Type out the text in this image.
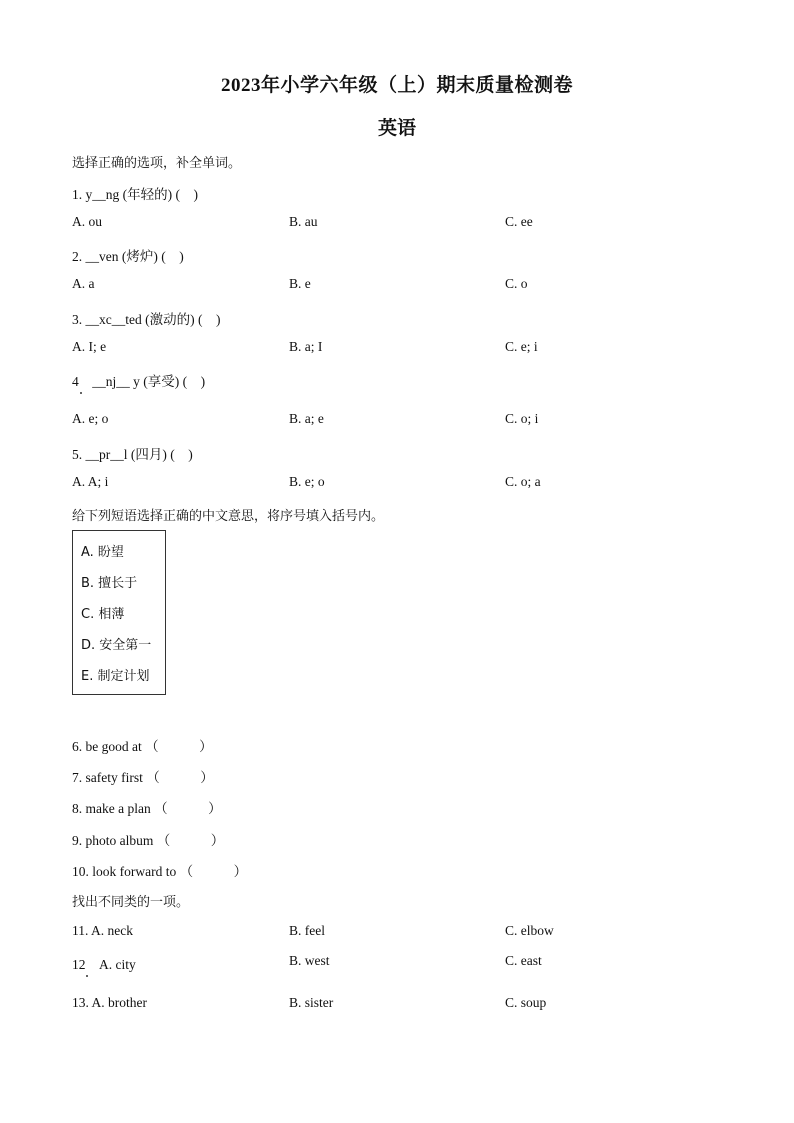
2023年小学六年级（上）期末质量检测卷
英语
选择正确的选项，补全单词。
1. y__ng (年轻的) (　)
A. ou	B. au	C. ee
2. __ven (烤炉) (　)
A. a	B. e	C. o
3. __xc__ted (激动的) (　)
A. I; e	B. a; I	C. e; i
4　__nj__ y (享受) (　)
A. e; o	B. a; e	C. o; i
5. __pr__l (四月) (　)
A. A; i	B. e; o	C. o; a
给下列短语选择正确的中文意思，将序号填入括号内。
A. 盼望
B. 擅长于
C. 相薄
D. 安全第一
E. 制定计划
6. be good at （　　　）
7. safety first （　　　）
8. make a plan （　　　）
9. photo album （　　　）
10. look forward to （　　　）
找出不同类的一项。
11. A. neck	B. feel	C. elbow
12　A. city	B. west	C. east
13. A. brother	B. sister	C. soup
